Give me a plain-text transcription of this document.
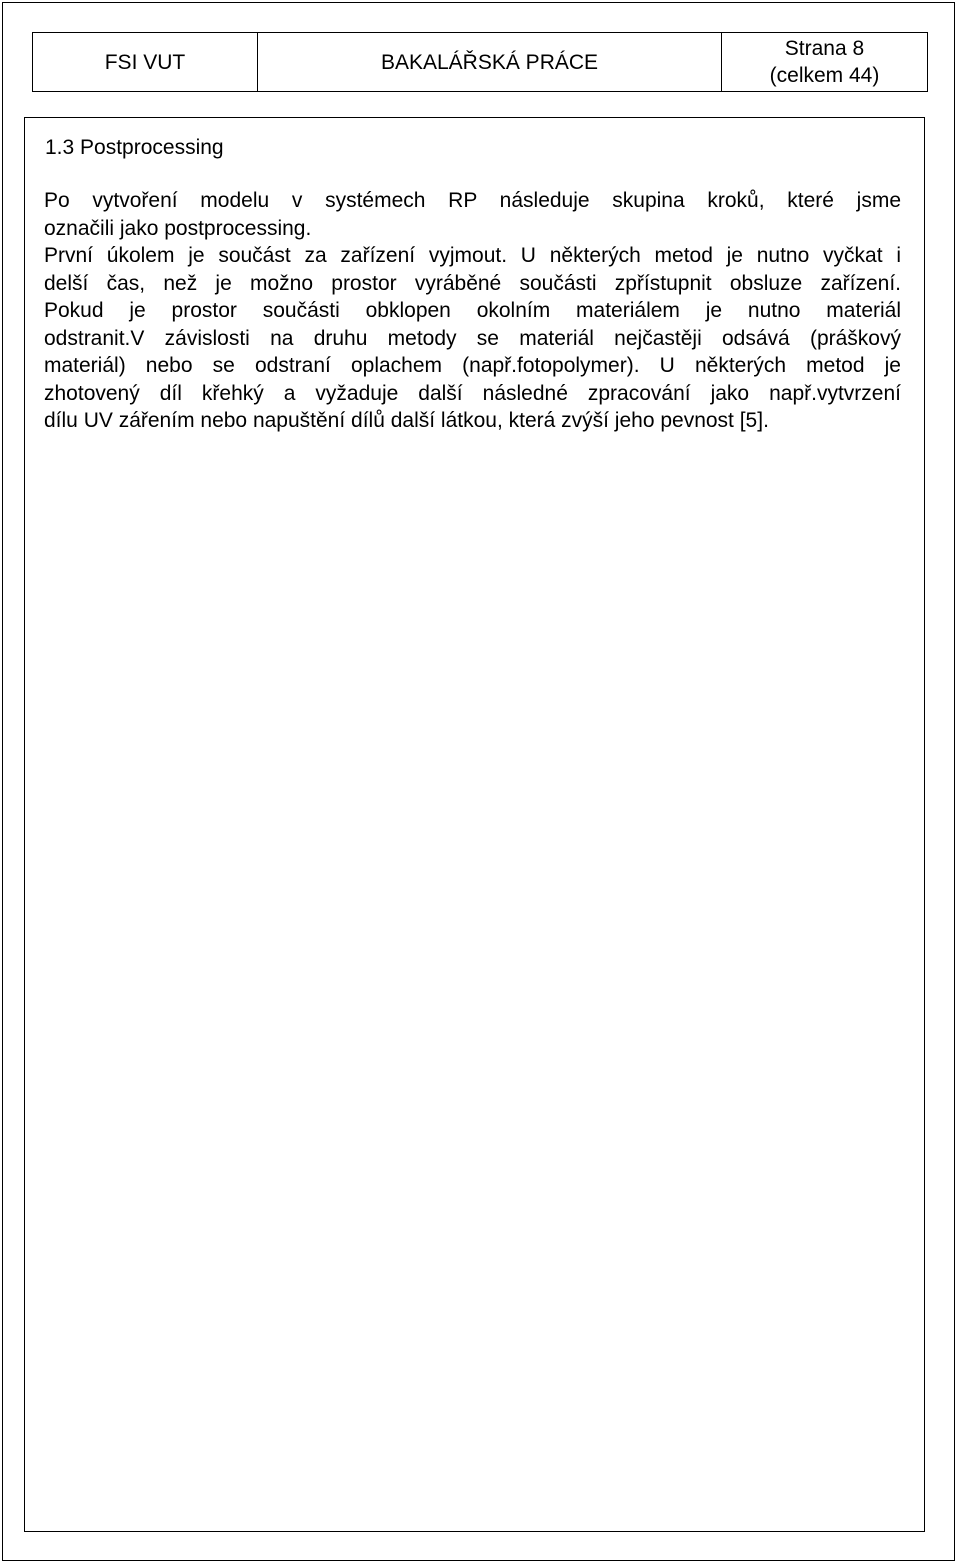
FSI VUT	BAKALÁŘSKÁ PRÁCE	
Strana 8
(celkem 44)
1.3 Postprocessing
Po vytvoření modelu v systémech RP následuje skupina kroků, které jsme
označili jako postprocessing.
První úkolem je součást za zařízení vyjmout. U některých metod je nutno vyčkat i
delší čas, než je možno prostor vyráběné součásti zpřístupnit obsluze zařízení.
Pokud je prostor součásti obklopen okolním materiálem je nutno materiál
odstranit.V závislosti na druhu metody se materiál nejčastěji odsává (práškový
materiál) nebo se odstraní oplachem (např.fotopolymer). U některých metod je
zhotovený díl křehký a vyžaduje další následné zpracování jako např.vytvrzení
dílu UV zářením nebo napuštění dílů další látkou, která zvýší jeho pevnost [5].
